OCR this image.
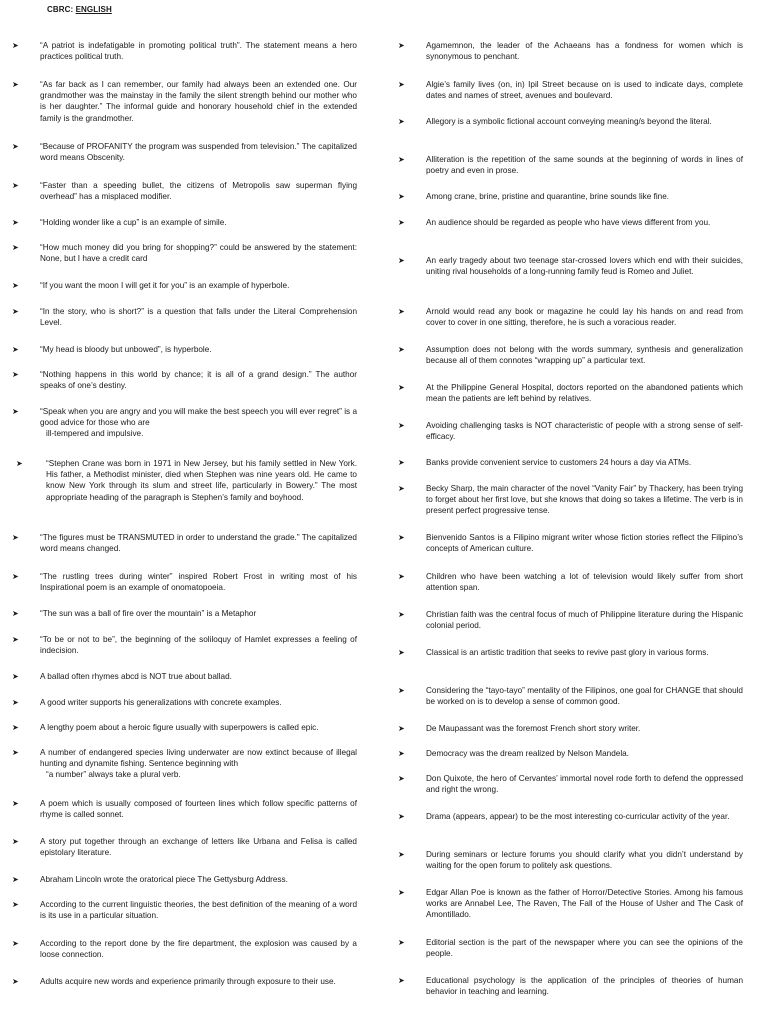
CBRC: ENGLISH
➤	“A patriot is indefatigable in promoting political truth”. The statement means a hero practices political truth.
➤	“As far back as I can remember, our family had always been an extended one. Our grandmother was the mainstay in the family the silent strength behind our mother who is her daughter.” The informal guide and honorary household chief in the extended family is the grandmother.
➤	“Because of PROFANITY the program was suspended from television.” The capitalized word means Obscenity.
➤	“Faster than a speeding bullet, the citizens of Metropolis saw superman flying overhead” has a misplaced modifier.
➤	“Holding wonder like a cup” is an example of simile.
➤	“How much money did you bring for shopping?” could be answered by the statement: None, but I have a credit card
➤	“If you want the moon I will get it for you” is an example of hyperbole.
➤	“In the story, who is short?” is a question that falls under the Literal Comprehension Level.
➤	“My head is bloody but unbowed”, is hyperbole.
➤	“Nothing happens in this world by chance; it is all of a grand design.” The author speaks of one’s destiny.
➤	“Speak when you are angry and you will make the best speech you will ever regret” is a good advice for those who are
ill-tempered and impulsive.
➤	“Stephen Crane was born in 1971 in New Jersey, but his family settled in New York. His father, a Methodist minister, died when Stephen was nine years old. He came to know New York through its slum and street life, particularly in Bowery.” The most appropriate heading of the paragraph is Stephen’s family and boyhood.
➤	“The figures must be TRANSMUTED in order to understand the grade.” The capitalized word means changed.
➤	“The rustling trees during winter” inspired Robert Frost in writing most of his Inspirational poem is an example of onomatopoeia.
➤	“The sun was a ball of fire over the mountain” is a Metaphor
➤	“To be or not to be”, the beginning of the soliloquy of Hamlet expresses a feeling of indecision.
➤	A ballad often rhymes abcd is NOT true about ballad.
➤	A good writer supports his generalizations with concrete examples.
➤	A lengthy poem about a heroic figure usually with superpowers is called epic.
➤	A number of endangered species living underwater are now extinct because of illegal hunting and dynamite fishing. Sentence beginning with
“a number” always take a plural verb.
➤	A poem which is usually composed of fourteen lines which follow specific patterns of rhyme is called sonnet.
➤	A story put together through an exchange of letters like Urbana and Felisa is called epistolary literature.
➤	Abraham Lincoln wrote the oratorical piece The Gettysburg Address.
➤	According to the current linguistic theories, the best definition of the meaning of a word is its use in a particular situation.
➤	According to the report done by the fire department, the explosion was caused by a loose connection.
➤	Adults acquire new words and experience primarily through exposure to their use.
➤	Agamemnon, the leader of the Achaeans has a fondness for women which is synonymous to penchant.
➤	Algie’s family lives (on, in) Ipil Street because on is used to indicate days, complete dates and names of street, avenues and boulevard.
➤	Allegory is a symbolic fictional account conveying meaning/s beyond the literal.
➤	Alliteration is the repetition of the same sounds at the beginning of words in lines of poetry and even in prose.
➤	Among crane, brine, pristine and quarantine, brine sounds like fine.
➤	An audience should be regarded as people who have views different from you.
➤	An early tragedy about two teenage star-crossed lovers which end with their suicides, uniting rival households of a long-running family feud is Romeo and Juliet.
➤	Arnold would read any book or magazine he could lay his hands on and read from cover to cover in one sitting, therefore, he is such a voracious reader.
➤	Assumption does not belong with the words summary, synthesis and generalization because all of them connotes “wrapping up” a particular text.
➤	At the Philippine General Hospital, doctors reported on the abandoned patients which mean the patients are left behind by relatives.
➤	Avoiding challenging tasks is NOT characteristic of people with a strong sense of self-efficacy.
➤	Banks provide convenient service to customers 24 hours a day via ATMs.
➤	Becky Sharp, the main character of the novel “Vanity Fair” by Thackery, has been trying to forget about her first love, but she knows that doing so takes a lifetime. The verb is in present perfect progressive tense.
➤	Bienvenido Santos is a Filipino migrant writer whose fiction stories reflect the Filipino’s concepts of American culture.
➤	Children who have been watching a lot of television would likely suffer from short attention span.
➤	Christian faith was the central focus of much of Philippine literature during the Hispanic colonial period.
➤	Classical is an artistic tradition that seeks to revive past glory in various forms.
➤	Considering the “tayo-tayo” mentality of the Filipinos, one goal for CHANGE that should be worked on is to develop a sense of common good.
➤	De Maupassant was the foremost French short story writer.
➤	Democracy was the dream realized by Nelson Mandela.
➤	Don Quixote, the hero of Cervantes’ immortal novel rode forth to defend the oppressed and right the wrong.
➤	Drama (appears, appear) to be the most interesting co-curricular activity of the year.
➤	During seminars or lecture forums you should clarify what you didn’t understand by waiting for the open forum to politely ask questions.
➤	Edgar Allan Poe is known as the father of Horror/Detective Stories. Among his famous works are Annabel Lee, The Raven, The Fall of the House of Usher and The Cask of Amontillado.
➤	Editorial section is the part of the newspaper where you can see the opinions of the people.
➤	Educational psychology is the application of the principles of theories of human behavior in teaching and learning.
